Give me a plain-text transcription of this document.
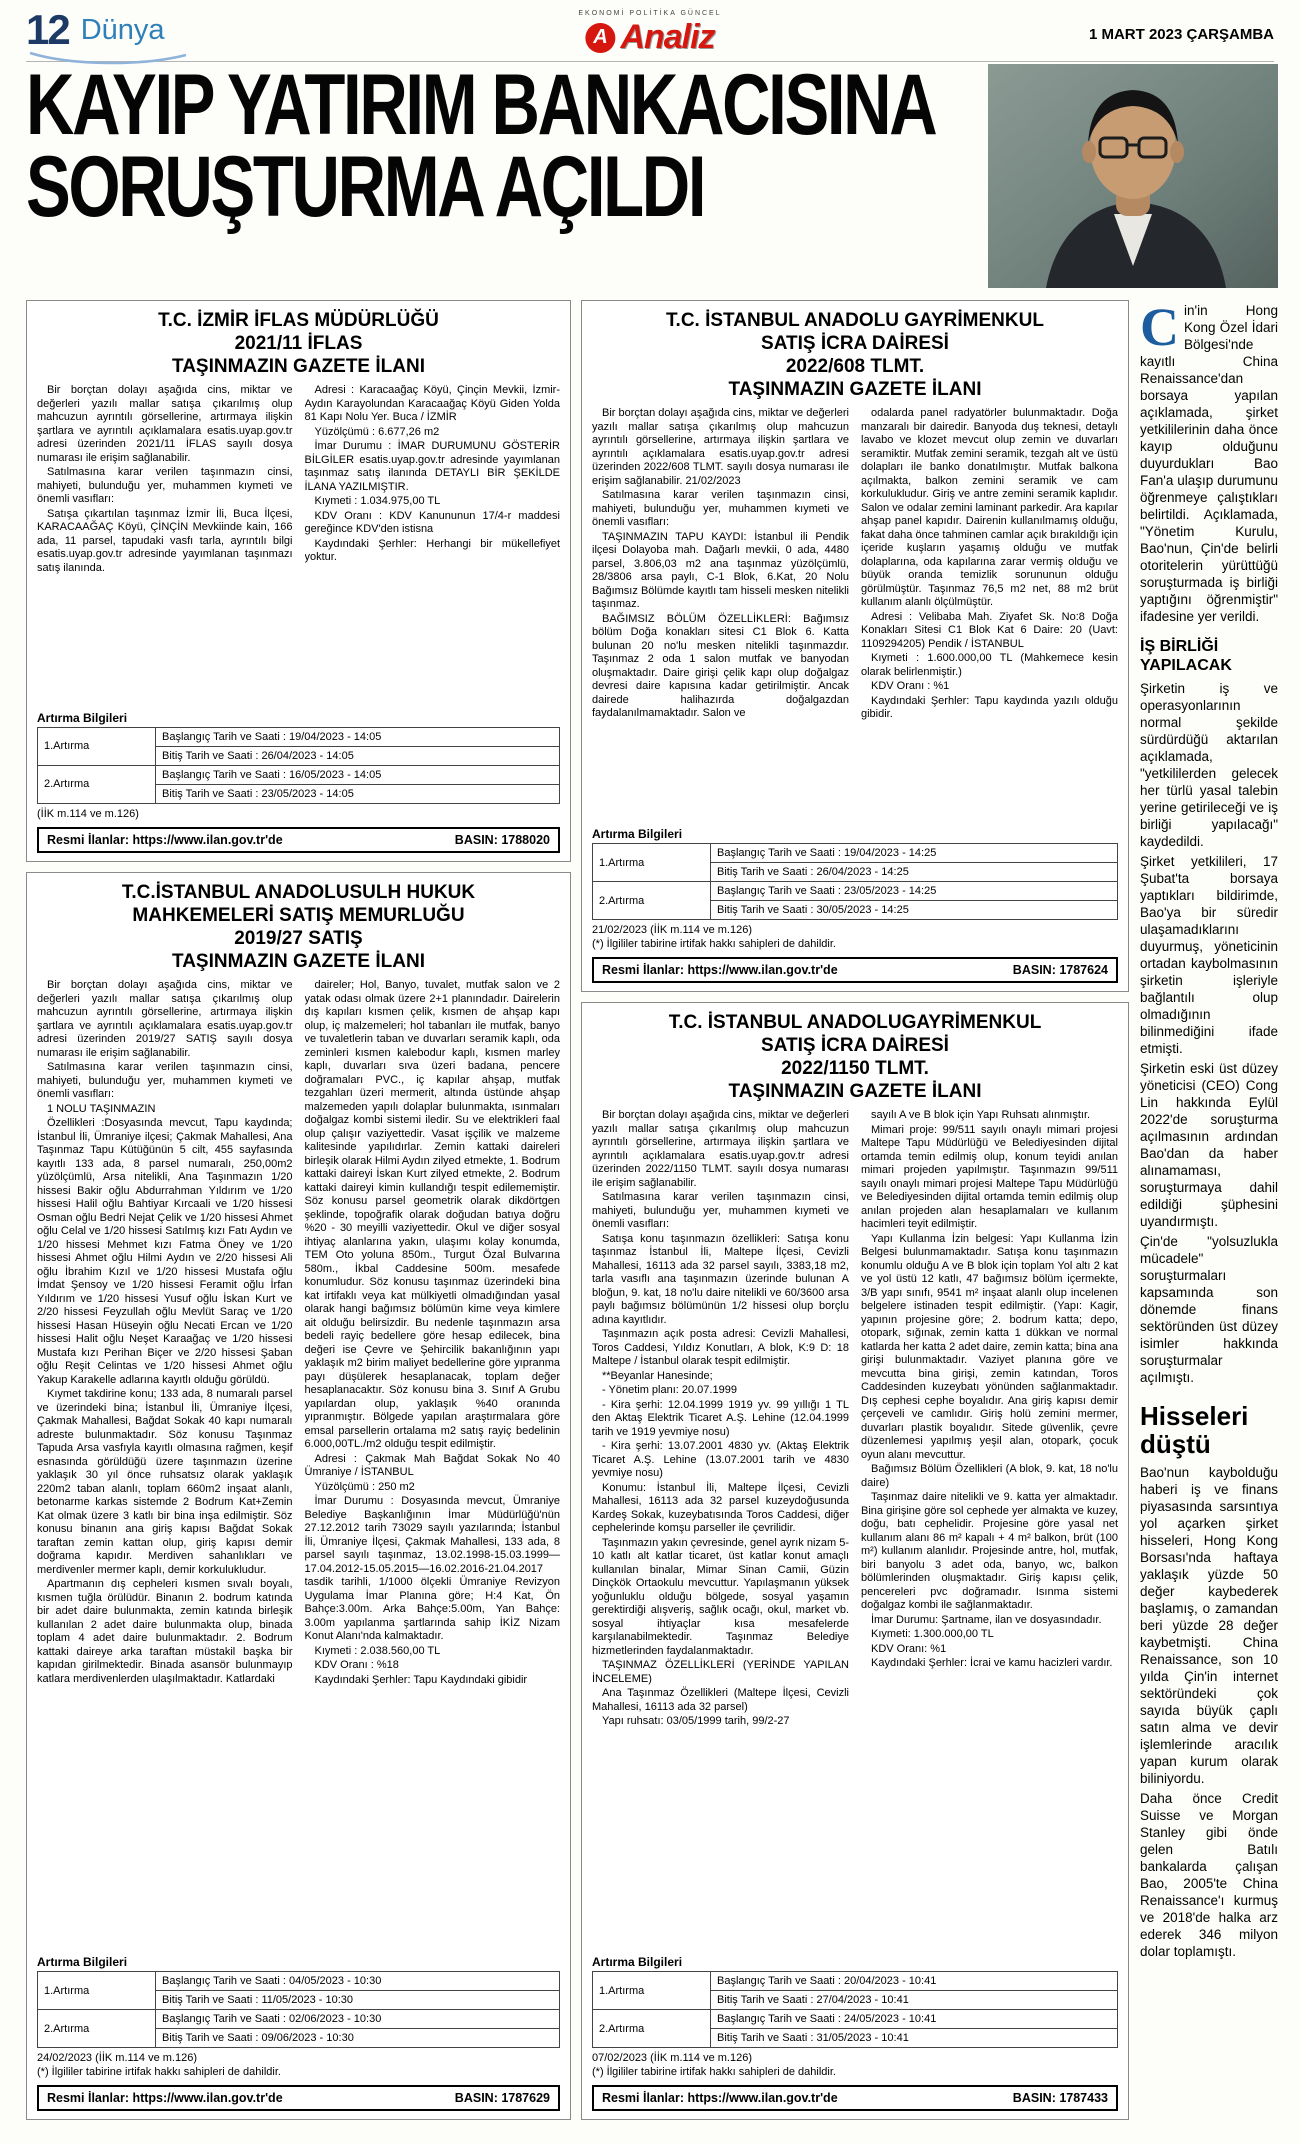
12 Dünya
EKONOMİ POLİTİKA GÜNCEL
A Analiz	1 MART 2023 ÇARŞAMBA
KAYIP YATIRIM BANKACISINA
SORUŞTURMA AÇILDI

T.C. İZMİR İFLAS MÜDÜRLÜĞÜ

2021/11 İFLAS

TAŞINMAZIN GAZETE İLANI

Bir borçtan dolayı aşağıda cins, miktar ve değerleri yazılı mallar satışa çıkarılmış olup mahcuzun ayrıntılı görsellerine, artırmaya ilişkin şartlara ve ayrıntılı açıklamalara esatis.uyap.gov.tr adresi üzerinden 2021/11 İFLAS sayılı dosya numarası ile erişim sağlanabilir.

Satılmasına karar verilen taşınmazın cinsi, mahiyeti, bulunduğu yer, muhammen kıymeti ve önemli vasıfları:

Satışa çıkartılan taşınmaz İzmir İli, Buca İlçesi, KARACAAĞAÇ Köyü, ÇİNÇİN Mevkiinde kain, 166 ada, 11 parsel, tapudaki vasfı tarla, ayrıntılı bilgi esatis.uyap.gov.tr adresinde yayımlanan taşınmazı satış ilanında.

Adresi : Karacaağaç Köyü, Çinçin Mevkii, İzmir-Aydın Karayolundan Karacaağaç Köyü Giden Yolda 81 Kapı Nolu Yer. Buca / İZMİR

Yüzölçümü : 6.677,26 m2

İmar Durumu : İMAR DURUMUNU GÖSTERİR BİLGİLER esatis.uyap.gov.tr adresinde yayımlanan taşınmaz satış ilanında DETAYLI BİR ŞEKİLDE İLANA YAZILMIŞTIR.

Kıymeti : 1.034.975,00 TL

KDV Oranı : KDV Kanununun 17/4-r maddesi gereğince KDV'den istisna

Kaydındaki Şerhler: Herhangi bir mükellefiyet yoktur.

Artırma Bilgileri
1.Artırma	Başlangıç Tarih ve Saati : 19/04/2023 - 14:05
	Bitiş Tarih ve Saati : 26/04/2023 - 14:05
2.Artırma	Başlangıç Tarih ve Saati : 16/05/2023 - 14:05
	Bitiş Tarih ve Saati : 23/05/2023 - 14:05

(İİK m.114 ve m.126)

Resmi İlanlar: https://www.ilan.gov.tr'de	BASIN: 1788020

T.C. İSTANBUL ANADOLU GAYRİMENKUL

SATIŞ İCRA DAİRESİ

2022/608 TLMT.

TAŞINMAZIN GAZETE İLANI

Bir borçtan dolayı aşağıda cins, miktar ve değerleri yazılı mallar satışa çıkarılmış olup mahcuzun ayrıntılı görsellerine, artırmaya ilişkin şartlara ve ayrıntılı açıklamalara esatis.uyap.gov.tr adresi üzerinden 2022/608 TLMT. sayılı dosya numarası ile erişim sağlanabilir. 21/02/2023

Satılmasına karar verilen taşınmazın cinsi, mahiyeti, bulunduğu yer, muhammen kıymeti ve önemli vasıfları:

TAŞINMAZIN TAPU KAYDI: İstanbul ili Pendik ilçesi Dolayoba mah. Dağarlı mevkii, 0 ada, 4480 parsel, 3.806,03 m2 ana taşınmaz yüzölçümlü, 28/3806 arsa paylı, C-1 Blok, 6.Kat, 20 Nolu Bağımsız Bölümde kayıtlı tam hisseli mesken nitelikli taşınmaz.

BAĞIMSIZ BÖLÜM ÖZELLİKLERİ: Bağımsız bölüm Doğa konakları sitesi C1 Blok 6. Katta bulunan 20 no'lu mesken nitelikli taşınmazdır. Taşınmaz 2 oda 1 salon mutfak ve banyodan oluşmaktadır. Daire girişi çelik kapı olup doğalgaz devresi daire kapısına kadar getirilmiştir. Ancak dairede halihazırda doğalgazdan faydalanılmamaktadır. Salon ve

odalarda panel radyatörler bulunmaktadır. Doğa manzaralı bir dairedir. Banyoda duş teknesi, detaylı lavabo ve klozet mevcut olup zemin ve duvarları seramiktir. Mutfak zemini seramik, tezgah alt ve üstü dolapları ile banko donatılmıştır. Mutfak balkona açılmakta, balkon zemini seramik ve cam korkulukludur. Giriş ve antre zemini seramik kaplıdır. Salon ve odalar zemini laminant parkedir. Ara kapılar ahşap panel kapıdır. Dairenin kullanılmamış olduğu, fakat daha önce tahminen camlar açık bırakıldığı için içeride kuşların yaşamış olduğu ve mutfak dolaplarına, oda kapılarına zarar vermiş olduğu ve büyük oranda temizlik sorununun olduğu görülmüştür. Taşınmaz 76,5 m2 net, 88 m2 brüt kullanım alanlı ölçülmüştür.

Adresi : Velibaba Mah. Ziyafet Sk. No:8 Doğa Konakları Sitesi C1 Blok Kat 6 Daire: 20 (Uavt: 1109294205) Pendik / İSTANBUL

Kıymeti : 1.600.000,00 TL (Mahkemece kesin olarak belirlenmiştir.)

KDV Oranı : %1

Kaydındaki Şerhler: Tapu kaydında yazılı olduğu gibidir.

Artırma Bilgileri
1.Artırma	Başlangıç Tarih ve Saati : 19/04/2023 - 14:25
	Bitiş Tarih ve Saati : 26/04/2023 - 14:25
2.Artırma	Başlangıç Tarih ve Saati : 23/05/2023 - 14:25
	Bitiş Tarih ve Saati : 30/05/2023 - 14:25

21/02/2023 (İİK m.114 ve m.126)

(*) İlgililer tabirine irtifak hakkı sahipleri de dahildir.

Resmi İlanlar: https://www.ilan.gov.tr'de	BASIN: 1787624

T.C.İSTANBUL ANADOLUSULH HUKUK

MAHKEMELERİ SATIŞ MEMURLUĞU

2019/27 SATIŞ

TAŞINMAZIN GAZETE İLANI

Bir borçtan dolayı aşağıda cins, miktar ve değerleri yazılı mallar satışa çıkarılmış olup mahcuzun ayrıntılı görsellerine, artırmaya ilişkin şartlara ve ayrıntılı açıklamalara esatis.uyap.gov.tr adresi üzerinden 2019/27 SATIŞ sayılı dosya numarası ile erişim sağlanabilir.

Satılmasına karar verilen taşınmazın cinsi, mahiyeti, bulunduğu yer, muhammen kıymeti ve önemli vasıfları:

1 NOLU TAŞINMAZIN

Özellikleri :Dosyasında mevcut, Tapu kaydında; İstanbul İli, Ümraniye ilçesi; Çakmak Mahallesi, Ana Taşınmaz Tapu Kütüğünün 5 cilt, 455 sayfasında kayıtlı 133 ada, 8 parsel numaralı, 250,00m2 yüzölçümlü, Arsa nitelikli, Ana Taşınmazın 1/20 hissesi Bakir oğlu Abdurrahman Yıldırım ve 1/20 hissesi Halil oğlu Bahtiyar Kırcaali ve 1/20 hissesi Osman oğlu Bedri Nejat Çelik ve 1/20 hissesi Ahmet oğlu Celal ve 1/20 hissesi Satılmış kızı Fatı Aydın ve 1/20 hissesi Mehmet kızı Fatma Öney ve 1/20 hissesi Ahmet oğlu Hilmi Aydın ve 2/20 hissesi Ali oğlu İbrahim Kızıl ve 1/20 hissesi Mustafa oğlu İmdat Şensoy ve 1/20 hissesi Feramit oğlu İrfan Yıldırım ve 1/20 hissesi Yusuf oğlu İskan Kurt ve 2/20 hissesi Feyzullah oğlu Mevlüt Saraç ve 1/20 hissesi Hasan Hüseyin oğlu Necati Ercan ve 1/20 hissesi Halit oğlu Neşet Karaağaç ve 1/20 hissesi Mustafa kızı Perihan Biçer ve 2/20 hissesi Şaban oğlu Reşit Celintas ve 1/20 hissesi Ahmet oğlu Yakup Karakelle adlarına kayıtlı olduğu görüldü.

Kıymet takdirine konu; 133 ada, 8 numaralı parsel ve üzerindeki bina; İstanbul İli, Ümraniye İlçesi, Çakmak Mahallesi, Bağdat Sokak 40 kapı numaralı adreste bulunmaktadır. Söz konusu Taşınmaz Tapuda Arsa vasfıyla kayıtlı olmasına rağmen, keşif esnasında görüldüğü üzere taşınmazın üzerine yaklaşık 30 yıl önce ruhsatsız olarak yaklaşık 220m2 taban alanlı, toplam 660m2 inşaat alanlı, betonarme karkas sistemde 2 Bodrum Kat+Zemin Kat olmak üzere 3 katlı bir bina inşa edilmiştir. Söz konusu binanın ana giriş kapısı Bağdat Sokak taraftan zemin kattan olup, giriş kapısı demir doğrama kapıdır. Merdiven sahanlıkları ve merdivenler mermer kaplı, demir korkulukludur.

Apartmanın dış cepheleri kısmen sıvalı boyalı, kısmen tuğla örülüdür. Binanın 2. bodrum katında bir adet daire bulunmakta, zemin katında birleşik kullanılan 2 adet daire bulunmakta olup, binada toplam 4 adet daire bulunmaktadır. 2. Bodrum kattaki daireye arka taraftan müstakil başka bir kapıdan girilmektedir. Binada asansör bulunmayıp katlara merdivenlerden ulaşılmaktadır. Katlardaki

daireler; Hol, Banyo, tuvalet, mutfak salon ve 2 yatak odası olmak üzere 2+1 planındadır. Dairelerin dış kapıları kısmen çelik, kısmen de ahşap kapı olup, iç malzemeleri; hol tabanları ile mutfak, banyo ve tuvaletlerin taban ve duvarları seramik kaplı, oda zeminleri kısmen kalebodur kaplı, kısmen marley kaplı, duvarları sıva üzeri badana, pencere doğramaları PVC., iç kapılar ahşap, mutfak tezgahları üzeri mermerit, altında üstünde ahşap malzemeden yapılı dolaplar bulunmakta, ısınmaları doğalgaz kombi sistemi iledir. Su ve elektrikleri faal olup çalışır vaziyettedir. Vasat işçilik ve malzeme kalitesinde yapılıdırlar. Zemin kattaki daireleri birleşik olarak Hilmi Aydın zilyed etmekte, 1. Bodrum kattaki daireyi İskan Kurt zilyed etmekte, 2. Bodrum kattaki daireyi kimin kullandığı tespit edilememiştir. Söz konusu parsel geometrik olarak dikdörtgen şeklinde, topoğrafik olarak doğudan batıya doğru %20 - 30 meyilli vaziyettedir. Okul ve diğer sosyal ihtiyaç alanlarına yakın, ulaşımı kolay konumda, TEM Oto yoluna 850m., Turgut Özal Bulvarına 580m., İkbal Caddesine 500m. mesafede konumludur. Söz konusu taşınmaz üzerindeki bina kat irtifaklı veya kat mülkiyetli olmadığından yasal olarak hangi bağımsız bölümün kime veya kimlere ait olduğu belirsizdir. Bu nedenle taşınmazın arsa bedeli rayiç bedellere göre hesap edilecek, bina değeri ise Çevre ve Şehircilik bakanlığının yapı yaklaşık m2 birim maliyet bedellerine göre yıpranma payı düşülerek hesaplanacak, toplam değer hesaplanacaktır. Söz konusu bina 3. Sınıf A Grubu yapılardan olup, yaklaşık %40 oranında yıpranmıştır. Bölgede yapılan araştırmalara göre emsal parsellerin ortalama m2 satış rayiç bedelinin 6.000,00TL./m2 olduğu tespit edilmiştir.

Adresi : Çakmak Mah Bağdat Sokak No 40 Ümraniye / İSTANBUL

Yüzölçümü : 250 m2

İmar Durumu : Dosyasında mevcut, Ümraniye Belediye Başkanlığının İmar Müdürlüğü'nün 27.12.2012 tarih 73029 sayılı yazılarında; İstanbul İli, Ümraniye İlçesi, Çakmak Mahallesi, 133 ada, 8 parsel sayılı taşınmaz, 13.02.1998-15.03.1999—17.04.2012-15.05.2015—16.02.2016-21.04.2017 tasdik tarihli, 1/1000 ölçekli Ümraniye Revizyon Uygulama İmar Planına göre; H:4 Kat, Ön Bahçe:3.00m. Arka Bahçe:5.00m, Yan Bahçe: 3.00m yapılanma şartlarında sahip İKİZ Nizam Konut Alanı'nda kalmaktadır.

Kıymeti : 2.038.560,00 TL

KDV Oranı : %18

Kaydındaki Şerhler: Tapu Kaydındaki gibidir

Artırma Bilgileri
1.Artırma	Başlangıç Tarih ve Saati : 04/05/2023 - 10:30
	Bitiş Tarih ve Saati : 11/05/2023 - 10:30
2.Artırma	Başlangıç Tarih ve Saati : 02/06/2023 - 10:30
	Bitiş Tarih ve Saati : 09/06/2023 - 10:30

24/02/2023 (İİK m.114 ve m.126)

(*) İlgililer tabirine irtifak hakkı sahipleri de dahildir.

Resmi İlanlar: https://www.ilan.gov.tr'de	BASIN: 1787629

T.C. İSTANBUL ANADOLUGAYRİMENKUL

SATIŞ İCRA DAİRESİ

2022/1150 TLMT.

TAŞINMAZIN GAZETE İLANI

Bir borçtan dolayı aşağıda cins, miktar ve değerleri yazılı mallar satışa çıkarılmış olup mahcuzun ayrıntılı görsellerine, artırmaya ilişkin şartlara ve ayrıntılı açıklamalara esatis.uyap.gov.tr adresi üzerinden 2022/1150 TLMT. sayılı dosya numarası ile erişim sağlanabilir.

Satılmasına karar verilen taşınmazın cinsi, mahiyeti, bulunduğu yer, muhammen kıymeti ve önemli vasıfları:

Satışa konu taşınmazın özellikleri: Satışa konu taşınmaz İstanbul İli, Maltepe İlçesi, Cevizli Mahallesi, 16113 ada 32 parsel sayılı, 3383,18 m2, tarla vasıflı ana taşınmazın üzerinde bulunan A bloğun, 9. kat, 18 no'lu daire nitelikli ve 60/3600 arsa paylı bağımsız bölümünün 1/2 hissesi olup borçlu adına kayıtlıdır.

Taşınmazın açık posta adresi: Cevizli Mahallesi, Toros Caddesi, Yıldız Konutları, A blok, K:9 D: 18 Maltepe / İstanbul olarak tespit edilmiştir.

**Beyanlar Hanesinde;

- Yönetim planı: 20.07.1999

- Kira şerhi: 12.04.1999 1919 yv. 99 yıllığı 1 TL den Aktaş Elektrik Ticaret A.Ş. Lehine (12.04.1999 tarih ve 1919 yevmiye nosu)

- Kira şerhi: 13.07.2001 4830 yv. (Aktaş Elektrik Ticaret A.Ş. Lehine (13.07.2001 tarih ve 4830 yevmiye nosu)

Konumu: İstanbul İli, Maltepe İlçesi, Cevizli Mahallesi, 16113 ada 32 parsel kuzeydoğusunda Kardeş Sokak, kuzeybatısında Toros Caddesi, diğer cephelerinde komşu parseller ile çevrilidir.

Taşınmazın yakın çevresinde, genel ayrık nizam 5-10 katlı alt katlar ticaret, üst katlar konut amaçlı kullanılan binalar, Mimar Sinan Camii, Güzin Dinçkök Ortaokulu mevcuttur. Yapılaşmanın yüksek yoğunluklu olduğu bölgede, sosyal yaşamın gerektirdiği alışveriş, sağlık ocağı, okul, market vb. sosyal ihtiyaçlar kısa mesafelerde karşılanabilmektedir. Taşınmaz Belediye hizmetlerinden faydalanmaktadır.

TAŞINMAZ ÖZELLİKLERİ (YERİNDE YAPILAN İNCELEME)

Ana Taşınmaz Özellikleri (Maltepe İlçesi, Cevizli Mahallesi, 16113 ada 32 parsel)

Yapı ruhsatı: 03/05/1999 tarih, 99/2-27

sayılı A ve B blok için Yapı Ruhsatı alınmıştır.

Mimari proje: 99/511 sayılı onaylı mimari projesi Maltepe Tapu Müdürlüğü ve Belediyesinden dijital ortamda temin edilmiş olup, konum teyidi anılan mimari projeden yapılmıştır. Taşınmazın 99/511 sayılı onaylı mimari projesi Maltepe Tapu Müdürlüğü ve Belediyesinden dijital ortamda temin edilmiş olup anılan projeden alan hesaplamaları ve kullanım hacimleri teyit edilmiştir.

Yapı Kullanma İzin belgesi: Yapı Kullanma İzin Belgesi bulunmamaktadır. Satışa konu taşınmazın konumlu olduğu A ve B blok için toplam Yol altı 2 kat ve yol üstü 12 katlı, 47 bağımsız bölüm içermekte, 3/B yapı sınıfı, 9541 m² inşaat alanlı olup incelenen belgelere istinaden tespit edilmiştir. (Yapı: Kagir, yapının projesine göre; 2. bodrum katta; depo, otopark, sığınak, zemin katta 1 dükkan ve normal katlarda her katta 2 adet daire, zemin katta; bina ana girişi bulunmaktadır. Vaziyet planına göre ve mevcutta bina girişi, zemin katından, Toros Caddesinden kuzeybatı yönünden sağlanmaktadır. Dış cephesi cephe boyalıdır. Ana giriş kapısı demir çerçeveli ve camlıdır. Giriş holü zemini mermer, duvarları plastik boyalıdır. Sitede güvenlik, çevre düzenlemesi yapılmış yeşil alan, otopark, çocuk oyun alanı mevcuttur.

Bağımsız Bölüm Özellikleri (A blok, 9. kat, 18 no'lu daire)

Taşınmaz daire nitelikli ve 9. katta yer almaktadır. Bina girişine göre sol cephede yer almakta ve kuzey, doğu, batı cephelidir. Projesine göre yasal net kullanım alanı 86 m² kapalı + 4 m² balkon, brüt (100 m²) kullanım alanlıdır. Projesinde antre, hol, mutfak, biri banyolu 3 adet oda, banyo, wc, balkon bölümlerinden oluşmaktadır. Giriş kapısı çelik, pencereleri pvc doğramadır. Isınma sistemi doğalgaz kombi ile sağlanmaktadır.

İmar Durumu: Şartname, ilan ve dosyasındadır.

Kıymeti: 1.300.000,00 TL

KDV Oranı: %1

Kaydındaki Şerhler: İcrai ve kamu hacizleri vardır.

Artırma Bilgileri
1.Artırma	Başlangıç Tarih ve Saati : 20/04/2023 - 10:41
	Bitiş Tarih ve Saati : 27/04/2023 - 10:41
2.Artırma	Başlangıç Tarih ve Saati : 24/05/2023 - 10:41
	Bitiş Tarih ve Saati : 31/05/2023 - 10:41

07/02/2023 (İİK m.114 ve m.126)

(*) İlgililer tabirine irtifak hakkı sahipleri de dahildir.

Resmi İlanlar: https://www.ilan.gov.tr'de	BASIN: 1787433

Cin'in Hong Kong Özel İdari Bölgesi'nde kayıtlı China Renaissance'dan borsaya yapılan açıklamada, şirket yetkililerinin daha önce kayıp olduğunu duyurdukları Bao Fan'a ulaşıp durumunu öğrenmeye çalıştıkları belirtildi. Açıklamada, "Yönetim Kurulu, Bao'nun, Çin'de belirli otoritelerin yürüttüğü soruşturmada iş birliği yaptığını öğrenmiştir" ifadesine yer verildi.

İŞ BİRLİĞİ YAPILACAK

Şirketin iş ve operasyonlarının normal şekilde sürdürdüğü aktarılan açıklamada, "yetkililerden gelecek her türlü yasal talebin yerine getirileceği ve iş birliği yapılacağı" kaydedildi.

Şirket yetkilileri, 17 Şubat'ta borsaya yaptıkları bildirimde, Bao'ya bir süredir ulaşamadıklarını duyurmuş, yöneticinin ortadan kaybolmasının şirketin işleriyle bağlantılı olup olmadığının bilinmediğini ifade etmişti.

Şirketin eski üst düzey yöneticisi (CEO) Cong Lin hakkında Eylül 2022'de soruşturma açılmasının ardından Bao'dan da haber alınamaması, soruşturmaya dahil edildiği şüphesini uyandırmıştı.

Çin'de "yolsuzlukla mücadele" soruşturmaları kapsamında son dönemde finans sektöründen üst düzey isimler hakkında soruşturmalar açılmıştı.

Hisseleri düştü

Bao'nun kaybolduğu haberi iş ve finans piyasasında sarsıntıya yol açarken şirket hisseleri, Hong Kong Borsası'nda haftaya yaklaşık yüzde 50 değer kaybederek başlamış, o zamandan beri yüzde 28 değer kaybetmişti. China Renaissance, son 10 yılda Çin'in internet sektöründeki çok sayıda büyük çaplı satın alma ve devir işlemlerinde aracılık yapan kurum olarak biliniyordu.

Daha önce Credit Suisse ve Morgan Stanley gibi önde gelen Batılı bankalarda çalışan Bao, 2005'te China Renaissance'ı kurmuş ve 2018'de halka arz ederek 346 milyon dolar toplamıştı.
